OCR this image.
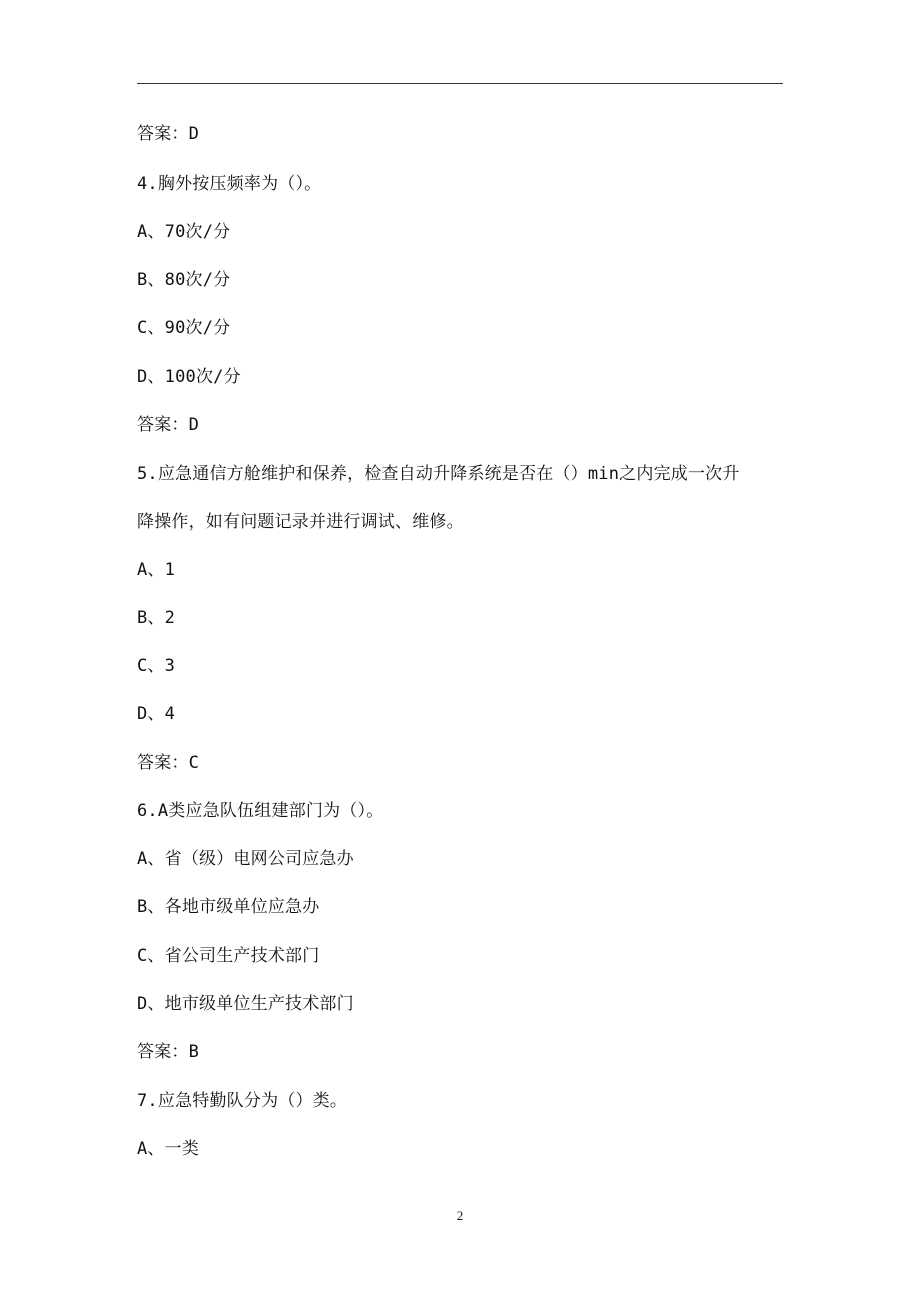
答案：D
4.胸外按压频率为（）。
A、70次/分
B、80次/分
C、90次/分
D、100次/分
答案：D
5.应急通信方舱维护和保养，检查自动升降系统是否在（）min之内完成一次升
降操作，如有问题记录并进行调试、维修。
A、1
B、2
C、3
D、4
答案：C
6.A类应急队伍组建部门为（）。
A、省（级）电网公司应急办
B、各地市级单位应急办
C、省公司生产技术部门
D、地市级单位生产技术部门
答案：B
7.应急特勤队分为（）类。
A、一类
2
